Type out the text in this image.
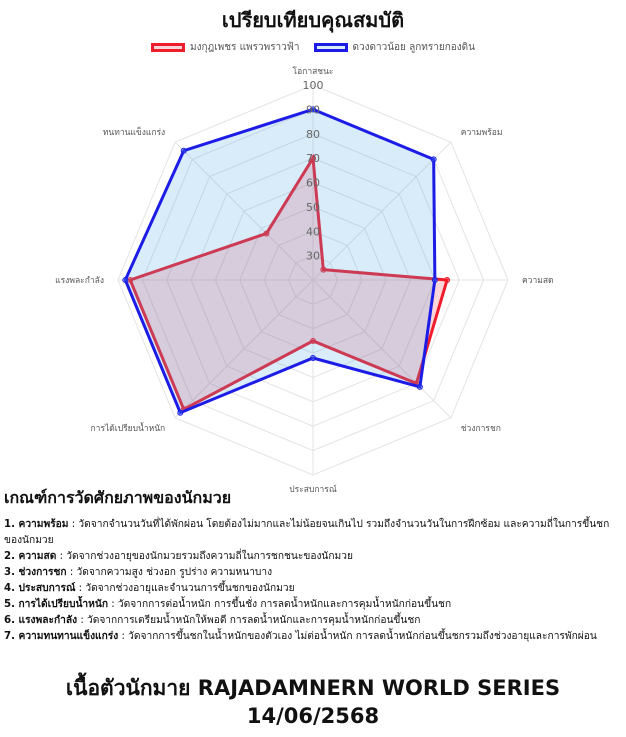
เปรียบเทียบคุณสมบัติ
มงกุฎเพชร แพรวพราวฟ้า	ดวงดาวน้อย ลูกทรายกองดิน
30
40
50
60
70
80
90
100
โอกาสชนะ
ความพร้อม
ความสด
ช่วงการชก
ประสบการณ์
การได้เปรียบน้ำหนัก
แรงพละกำลัง
ทนทานแข็งแกร่ง
เกณฑ์การวัดศักยภาพของนักมวย
1. ความพร้อม : วัดจากจำนวนวันที่ได้พักผ่อน โดยต้องไม่มากและไม่น้อยจนเกินไป รวมถึงจำนวนวันในการฝึกซ้อม และความถี่ในการขึ้นชกของนักมวย
2. ความสด : วัดจากช่วงอายุของนักมวยรวมถึงความถี่ในการชกชนะของนักมวย
3. ช่วงการชก : วัดจากความสูง ช่วงอก รูปร่าง ความหนาบาง
4. ประสบการณ์ : วัดจากช่วงอายุและจำนวนการขึ้นชกของนักมวย
5. การได้เปรียบน้ำหนัก : วัดจากการต่อน้ำหนัก การขึ้นชั่ง การลดน้ำหนักและการคุมน้ำหนักก่อนขึ้นชก
6. แรงพละกำลัง : วัดจากการเตรียมน้ำหนักให้พอดี การลดน้ำหนักและการคุมน้ำหนักก่อนขึ้นชก
7. ความทนทานแข็งแกร่ง : วัดจากการขึ้นชกในน้ำหนักของตัวเอง ไม่ต่อน้ำหนัก การลดน้ำหนักก่อนขึ้นชกรวมถึงช่วงอายุและการพักผ่อน
เนื้อตัวนักมาย RAJADAMNERN WORLD SERIES
14/06/2568
